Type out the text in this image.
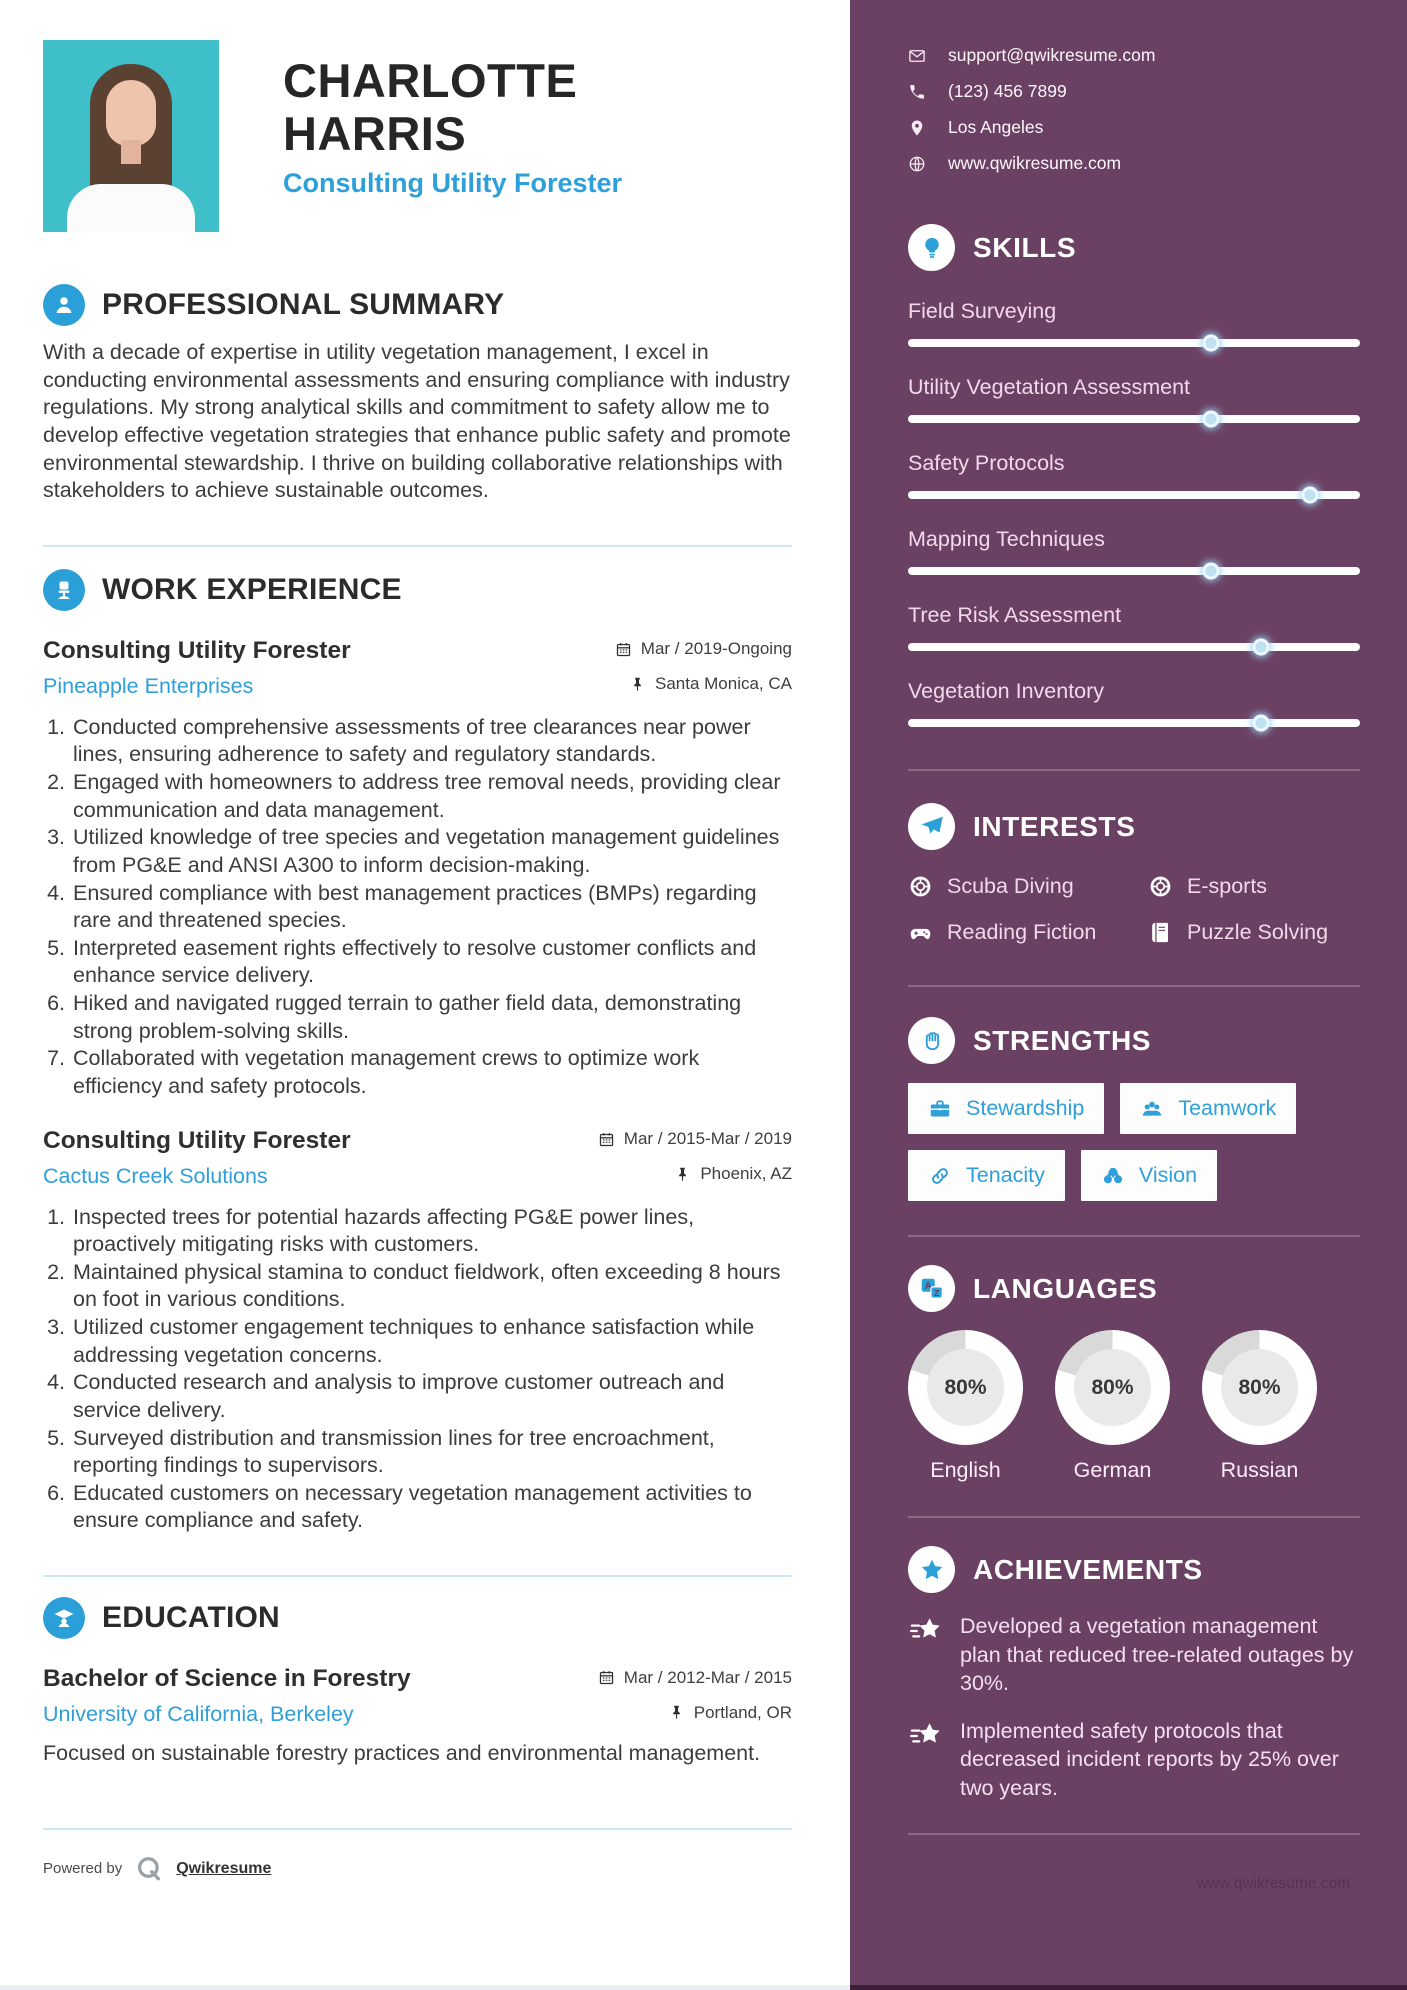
CHARLOTTE
HARRIS
Consulting Utility Forester
PROFESSIONAL SUMMARY
With a decade of expertise in utility vegetation management, I excel in conducting environmental assessments and ensuring compliance with industry regulations. My strong analytical skills and commitment to safety allow me to develop effective vegetation strategies that enhance public safety and promote environmental stewardship. I thrive on building collaborative relationships with stakeholders to achieve sustainable outcomes.
WORK EXPERIENCE
Consulting Utility Forester	Mar / 2019-Ongoing
Pineapple Enterprises	Santa Monica, CA
1. Conducted comprehensive assessments of tree clearances near power lines, ensuring adherence to safety and regulatory standards.
2. Engaged with homeowners to address tree removal needs, providing clear communication and data management.
3. Utilized knowledge of tree species and vegetation management guidelines from PG&E and ANSI A300 to inform decision-making.
4. Ensured compliance with best management practices (BMPs) regarding rare and threatened species.
5. Interpreted easement rights effectively to resolve customer conflicts and enhance service delivery.
6. Hiked and navigated rugged terrain to gather field data, demonstrating strong problem-solving skills.
7. Collaborated with vegetation management crews to optimize work efficiency and safety protocols.
Consulting Utility Forester	Mar / 2015-Mar / 2019
Cactus Creek Solutions	Phoenix, AZ
1. Inspected trees for potential hazards affecting PG&E power lines, proactively mitigating risks with customers.
2. Maintained physical stamina to conduct fieldwork, often exceeding 8 hours on foot in various conditions.
3. Utilized customer engagement techniques to enhance satisfaction while addressing vegetation concerns.
4. Conducted research and analysis to improve customer outreach and service delivery.
5. Surveyed distribution and transmission lines for tree encroachment, reporting findings to supervisors.
6. Educated customers on necessary vegetation management activities to ensure compliance and safety.
EDUCATION
Bachelor of Science in Forestry	Mar / 2012-Mar / 2015
University of California, Berkeley	Portland, OR
Focused on sustainable forestry practices and environmental management.
Powered by	Qwikresume
support@qwikresume.com
(123) 456 7899
Los Angeles
www.qwikresume.com
SKILLS
Field Surveying
Utility Vegetation Assessment
Safety Protocols
Mapping Techniques
Tree Risk Assessment
Vegetation Inventory
INTERESTS
Scuba Diving	E-sports
Reading Fiction	Puzzle Solving
STRENGTHS
Stewardship	Teamwork
Tenacity	Vision
LANGUAGES
80%
English
80%
German
80%
Russian
ACHIEVEMENTS
Developed a vegetation management plan that reduced tree-related outages by 30%.
Implemented safety protocols that decreased incident reports by 25% over two years.
www.qwikresume.com
